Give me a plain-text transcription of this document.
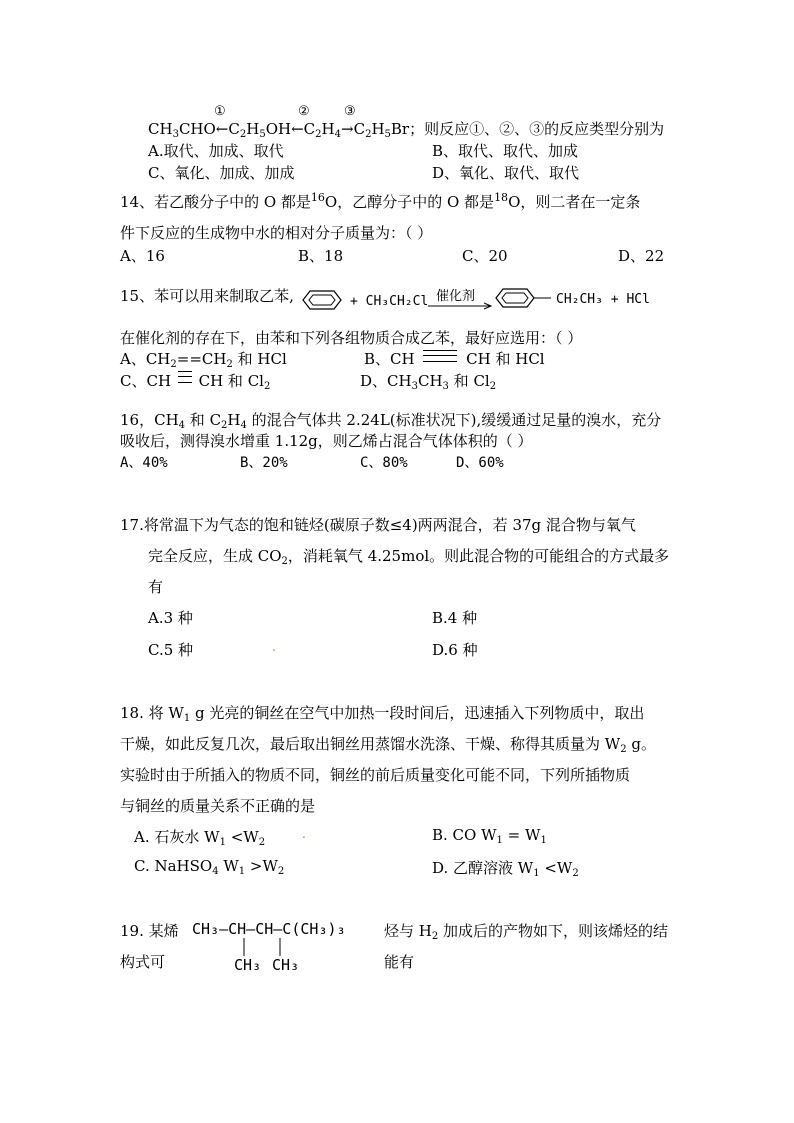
①	②	③
$CH_3CHO\leftarrow C_2H_5OH\leftarrow C_2H_4\to C_2H_5Br$；则反应①、②、③的反应类型分别为
A.取代、加成、取代	B、取代、取代、加成
C、氧化、加成、加成	D、氧化、取代、取代
14、若乙酸分子中的 O 都是$^{16}$O，乙醇分子中的 O 都是$^{18}$O，则二者在一定条
件下反应的生成物中水的相对分子质量为：（ ）
A、16	B、18	C、20	D、22
15、苯可以用来制取乙苯,	+ CH₃CH₂Cl 催化剂	CH₂CH₃ + HCl
在催化剂的存在下，由苯和下列各组物质合成乙苯，最好应选用：（ ）
A、$CH_2==CH_2$ 和 HCl	B、CH	CH 和 HCl
C、CH CH 和 $Cl_2$	D、$CH_3CH_3$ 和 $Cl_2$
16，$CH_4$ 和 $C_2H_4$ 的混合气体共 2.24L(标准状况下),缓缓通过足量的溴水，充分
吸收后，测得溴水增重 1.12g，则乙烯占混合气体体积的（ ）
A、40%	B、20%	C、80%	D、60%
17.将常温下为气态的饱和链烃(碳原子数≤4)两两混合，若 37g 混合物与氧气
完全反应，生成 $CO_2$，消耗氧气 4.25mol。则此混合物的可能组合的方式最多
有
A.3 种	B.4 种
C.5 种	.	D.6 种
18. 将 $W_1$ g 光亮的铜丝在空气中加热一段时间后，迅速插入下列物质中，取出
干燥，如此反复几次，最后取出铜丝用蒸馏水洗涤、干燥、称得其质量为 $W_2$ g。
实验时由于所插入的物质不同，铜丝的前后质量变化可能不同，下列所插物质
与铜丝的质量关系不正确的是
A. 石灰水 $W_1 <W_2$
.	B. CO $W_1 = W_1$
C. NaHSO$_4$ $W_1 >W_2$	D. 乙醇溶液 $W_1 <W_2$
19. 某烯 CH₃—CH—CH—C(CH₃)₃
CH₃ CH₃
烃与 $H_2$ 加成后的产物如下，则该烯烃的结
构式可	能有
